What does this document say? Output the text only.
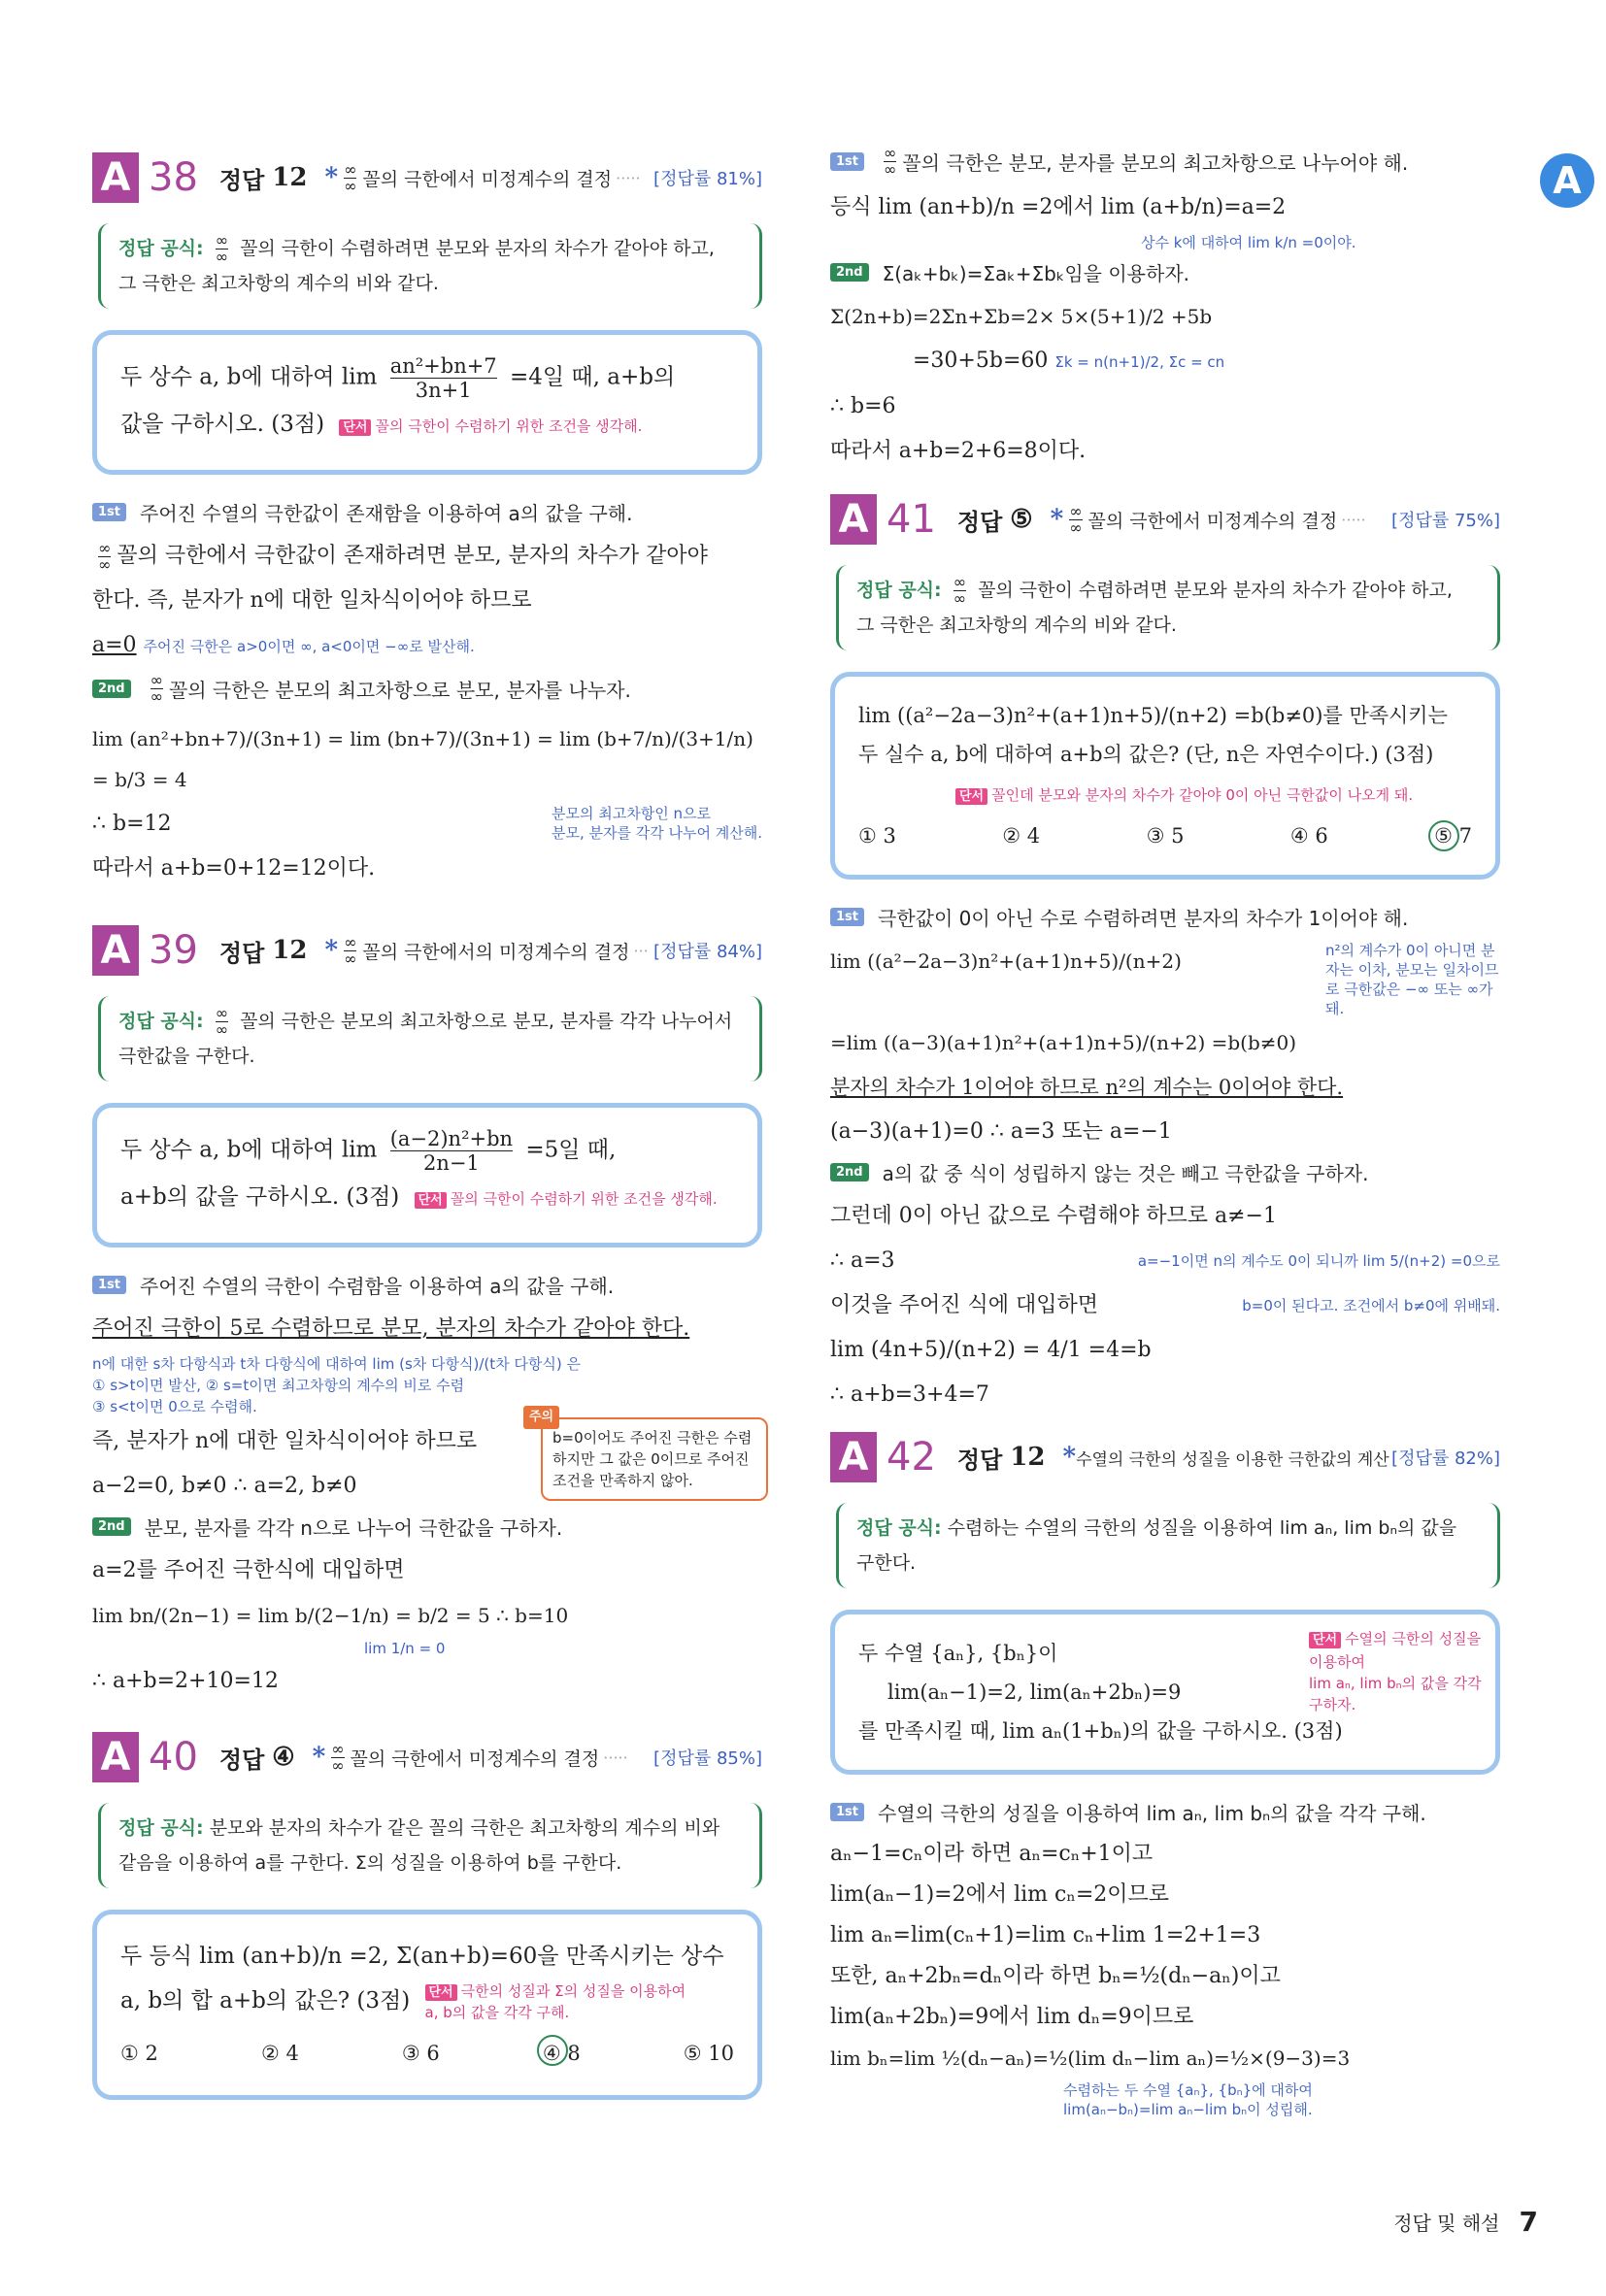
A
A 38 정답 $12 * \frac{\infty}{\infty}$ 꼴의 극한에서 미정계수의 결정 ····· [정답률 81%]
정답 공식: $\frac{\infty}{\infty}$ 꼴의 극한이 수렴하려면 분모와 분자의 차수가 같아야 하고,
그 극한은 최고차항의 계수의 비와 같다.
두 상수 a, b에 대하여 $\lim \frac{\text{an²+bn+7}}{3n+1} =4$일 때, a+b의
값을 구하시오. (3점) 단서 꼴의 극한이 수렴하기 위한 조건을 생각해.
1st	주어진 수열의 극한값이 존재함을 이용하여 a의 값을 구해.
$\frac{\infty}{\infty}$ 꼴의 극한에서 극한값이 존재하려면 분모, 분자의 차수가 같아야
한다. 즉, 분자가 n에 대한 일차식이어야 하므로
a=0 주어진 극한은 a>0이면 ∞, a<0이면 −∞로 발산해.
2nd	$\frac{\infty}{\infty}$ 꼴의 극한은 분모의 최고차항으로 분모, 분자를 나누자.
lim (an²+bn+7)/(3n+1) = lim (bn+7)/(3n+1) = lim (b+7/n)/(3+1/n) = b/3 = 4
∴ b=12	분모의 최고차항인 n으로
분모, 분자를 각각 나누어 계산해.
따라서 a+b=0+12=12이다.
A 39 정답 $12 * \frac{\infty}{\infty}$ 꼴의 극한에서의 미정계수의 결정 ··· [정답률 84%]
정답 공식: $\frac{\infty}{\infty}$ 꼴의 극한은 분모의 최고차항으로 분모, 분자를 각각 나누어서
극한값을 구한다.
두 상수 a, b에 대하여 $\lim \frac{\text{(a−2)n²+bn}}{2n-1} =5$일 때,
a+b의 값을 구하시오. (3점) 단서 꼴의 극한이 수렴하기 위한 조건을 생각해.
1st	주어진 수열의 극한이 수렴함을 이용하여 a의 값을 구해.
주어진 극한이 5로 수렴하므로 분모, 분자의 차수가 같아야 한다.
n에 대한 s차 다항식과 t차 다항식에 대하여 lim (s차 다항식)/(t차 다항식) 은
① s>t이면 발산, ② s=t이면 최고차항의 계수의 비로 수렴
③ s<t이면 0으로 수렴해.
즉, 분자가 n에 대한 일차식이어야 하므로
a−2=0, b≠0 ∴ a=2, b≠0
주의
b=0이어도 주어진 극한은 수렴하지만 그 값은 0이므로 주어진 조건을 만족하지 않아.
2nd	분모, 분자를 각각 n으로 나누어 극한값을 구하자.
a=2를 주어진 극한식에 대입하면
lim bn/(2n−1) = lim b/(2−1/n) = b/2 = 5 ∴ b=10
lim 1/n = 0
∴ a+b=2+10=12
A 40 정답 ④ * $\frac{\infty}{\infty}$ 꼴의 극한에서 미정계수의 결정 ····· [정답률 85%]
정답 공식: 분모와 분자의 차수가 같은 꼴의 극한은 최고차항의 계수의 비와
같음을 이용하여 a를 구한다. Σ의 성질을 이용하여 b를 구한다.
두 등식 lim (an+b)/n =2, Σ(an+b)=60을 만족시키는 상수
a, b의 합 a+b의 값은? (3점) 단서 극한의 성질과 Σ의 성질을 이용하여
a, b의 값을 각각 구해.
① 2	② 4	③ 6	④ 8	⑤ 10
1st	$\frac{\infty}{\infty}$ 꼴의 극한은 분모, 분자를 분모의 최고차항으로 나누어야 해.
등식 lim (an+b)/n =2에서 lim (a+b/n)=a=2
상수 k에 대하여 lim k/n =0이야.
2nd	Σ(aₖ+bₖ)=Σaₖ+Σbₖ임을 이용하자.
Σ(2n+b)=2Σn+Σb=2× 5×(5+1)/2 +5b
=30+5b=60 Σk = n(n+1)/2, Σc = cn
∴ b=6
따라서 a+b=2+6=8이다.
A 41 정답 ⑤ * $\frac{\infty}{\infty}$ 꼴의 극한에서 미정계수의 결정 ····· [정답률 75%]
정답 공식: $\frac{\infty}{\infty}$ 꼴의 극한이 수렴하려면 분모와 분자의 차수가 같아야 하고,
그 극한은 최고차항의 계수의 비와 같다.
lim ((a²−2a−3)n²+(a+1)n+5)/(n+2) =b(b≠0)를 만족시키는
두 실수 a, b에 대하여 a+b의 값은? (단, n은 자연수이다.) (3점)
단서 꼴인데 분모와 분자의 차수가 같아야 0이 아닌 극한값이 나오게 돼.
① 3	② 4	③ 5	④ 6	⑤ 7
1st	극한값이 0이 아닌 수로 수렴하려면 분자의 차수가 1이어야 해.
lim ((a²−2a−3)n²+(a+1)n+5)/(n+2)	n²의 계수가 0이 아니면 분자는 이차, 분모는 일차이므로 극한값은 −∞ 또는 ∞가 돼.
=lim ((a−3)(a+1)n²+(a+1)n+5)/(n+2) =b(b≠0)
분자의 차수가 1이어야 하므로 n²의 계수는 0이어야 한다.
(a−3)(a+1)=0 ∴ a=3 또는 a=−1
2nd	a의 값 중 식이 성립하지 않는 것은 빼고 극한값을 구하자.
그런데 0이 아닌 값으로 수렴해야 하므로 a≠−1
∴ a=3	a=−1이면 n의 계수도 0이 되니까 lim 5/(n+2) =0으로
이것을 주어진 식에 대입하면	b=0이 된다고. 조건에서 b≠0에 위배돼.
lim (4n+5)/(n+2) = 4/1 =4=b
∴ a+b=3+4=7
A 42 정답 12 * 수열의 극한의 성질을 이용한 극한값의 계산 [정답률 82%]
정답 공식: 수렴하는 수열의 극한의 성질을 이용하여 lim aₙ, lim bₙ의 값을 구한다.
두 수열 {aₙ}, {bₙ}이
lim(aₙ−1)=2, lim(aₙ+2bₙ)=9
를 만족시킬 때, lim aₙ(1+bₙ)의 값을 구하시오. (3점)
단서 수열의 극한의 성질을 이용하여
lim aₙ, lim bₙ의 값을 각각
구하자.
1st	수열의 극한의 성질을 이용하여 lim aₙ, lim bₙ의 값을 각각 구해.
aₙ−1=cₙ이라 하면 aₙ=cₙ+1이고
lim(aₙ−1)=2에서 lim cₙ=2이므로
lim aₙ=lim(cₙ+1)=lim cₙ+lim 1=2+1=3
또한, aₙ+2bₙ=dₙ이라 하면 bₙ=½(dₙ−aₙ)이고
lim(aₙ+2bₙ)=9에서 lim dₙ=9이므로
lim bₙ=lim ½(dₙ−aₙ)=½(lim dₙ−lim aₙ)=½×(9−3)=3
수렴하는 두 수열 {aₙ}, {bₙ}에 대하여
lim(aₙ−bₙ)=lim aₙ−lim bₙ이 성립해.
정답 및 해설 7
